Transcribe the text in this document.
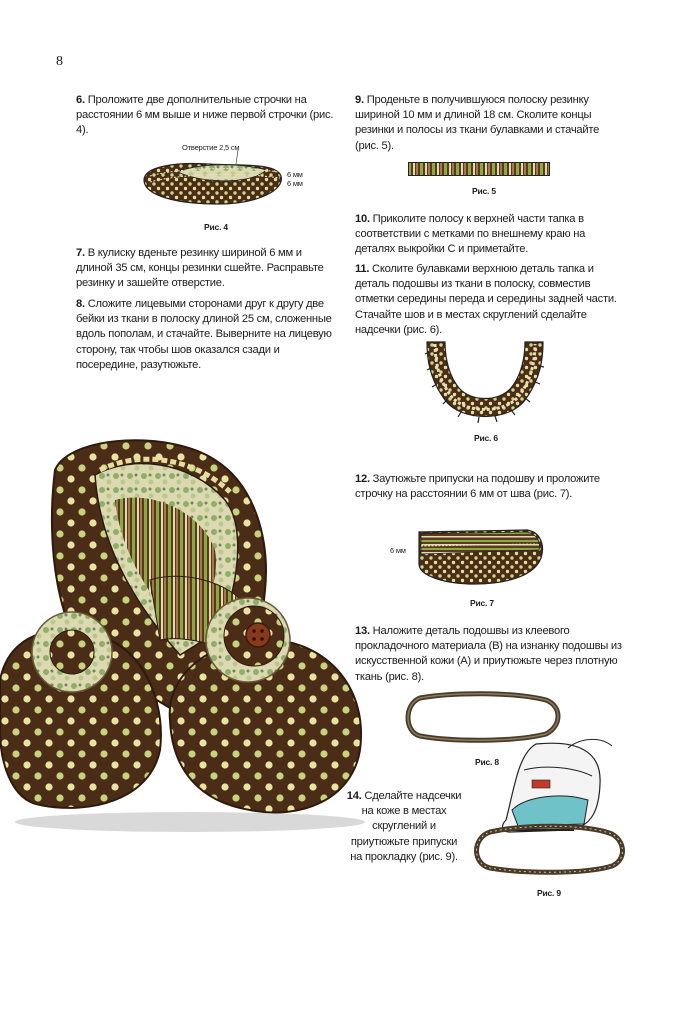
8
6. Проложите две дополнительные строчки на расстоянии 6 мм выше и ниже первой строчки (рис. 4).
Отверстие 2,5 см
6 мм
6 мм
Рис. 4
7. В кулиску вденьте резинку шириной 6 мм и длиной 35 см, концы резинки сшейте. Расправьте резинку и зашейте отверстие.
8. Сложите лицевыми сторонами друг к другу две бейки из ткани в полоску длиной 25 см, сложенные вдоль пополам, и стачайте. Выверните на лицевую сторону, так чтобы шов оказался сзади и посередине, разутюжьте.
9. Проденьте в получившуюся полоску резинку шириной 10 мм и длиной 18 см. Сколите концы резинки и полосы из ткани булавками и стачайте (рис. 5).
Рис. 5
10. Приколите полосу к верхней части тапка в соответствии с метками по внешнему краю на деталях выкройки С и приметайте.
11. Сколите булавками верхнюю деталь тапка и деталь подошвы из ткани в полоску, совместив отметки середины переда и середины задней части. Стачайте шов и в местах скруглений сделайте надсечки (рис. 6).
Рис. 6
12. Заутюжьте припуски на подошву и проложите строчку на расстоянии 6 мм от шва (рис. 7).
6 мм
Рис. 7
13. Наложите деталь подошвы из клеевого прокладочного материала (В) на изнанку подошвы из искусственной кожи (А) и приутюжьте через плотную ткань (рис. 8).
Рис. 8
14. Сделайте надсечки на коже в местах скруглений и приутюжьте припуски на прокладку (рис. 9).
Рис. 9
